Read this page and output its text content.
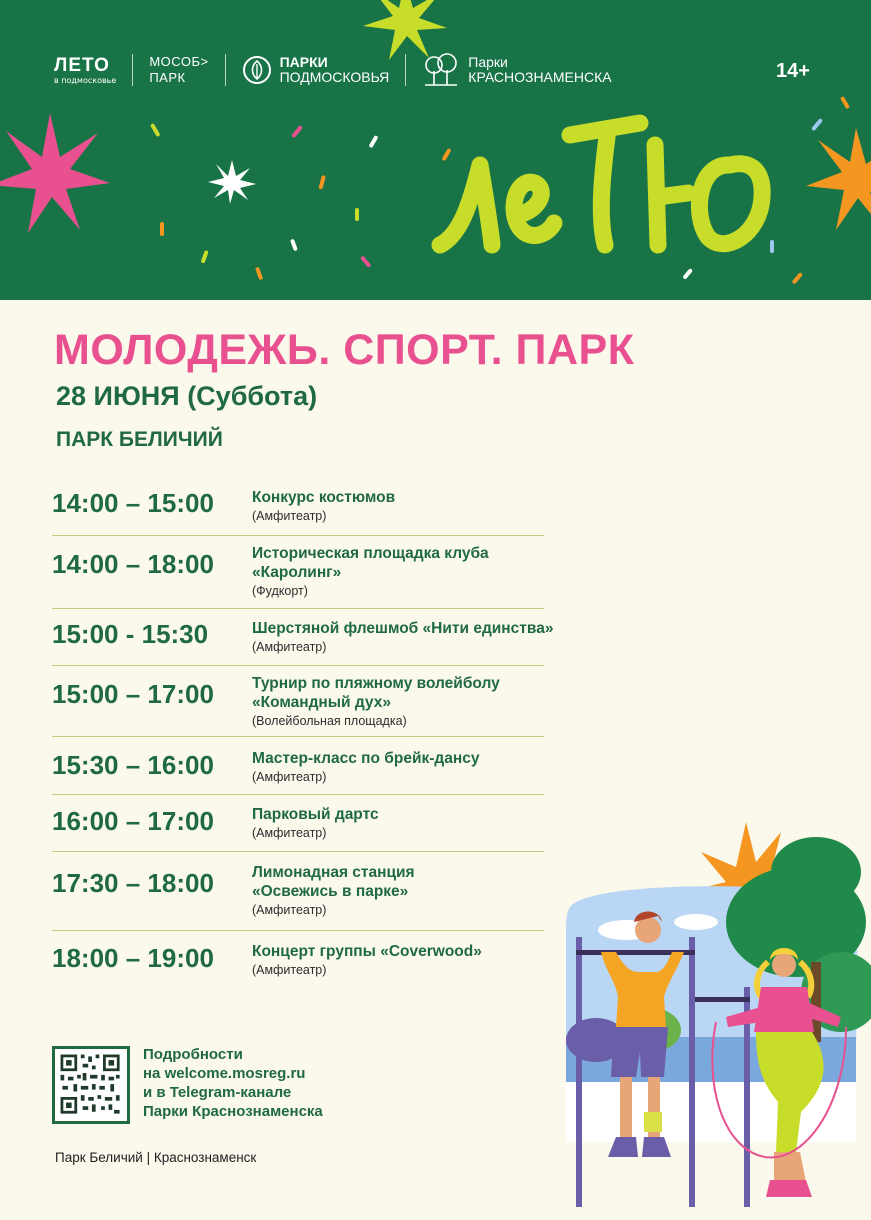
ЛЕТО
в подмосковье
МОСОБ>
ПАРК
ПАРКИ
ПОДМОСКОВЬЯ
Парки
КРАСНОЗНАМЕНСКА	14+
МОЛОДЕЖЬ. СПОРТ. ПАРК
28 ИЮНЯ (Суббота)
ПАРК БЕЛИЧИЙ
14:00 – 15:00 Конкурс костюмов
(Амфитеатр)
14:00 – 18:00 Историческая площадка клуба «Каролинг»
(Фудкорт)
15:00 - 15:30	Шерстяной флешмоб «Нити единства»
(Амфитеатр)
15:00 – 17:00 Турнир по пляжному волейболу «Командный дух»
(Волейбольная площадка)
15:30 – 16:00 Мастер-класс по брейк-дансу
(Амфитеатр)
16:00 – 17:00 Парковый дартс
(Амфитеатр)
17:30 – 18:00 Лимонадная станция «Освежись в парке»
(Амфитеатр)
18:00 – 19:00 Концерт группы «Coverwood»
(Амфитеатр)
Подробности
на welcome.mosreg.ru
и в Telegram-канале
Парки Краснознаменска
Парк Беличий | Краснознаменск
